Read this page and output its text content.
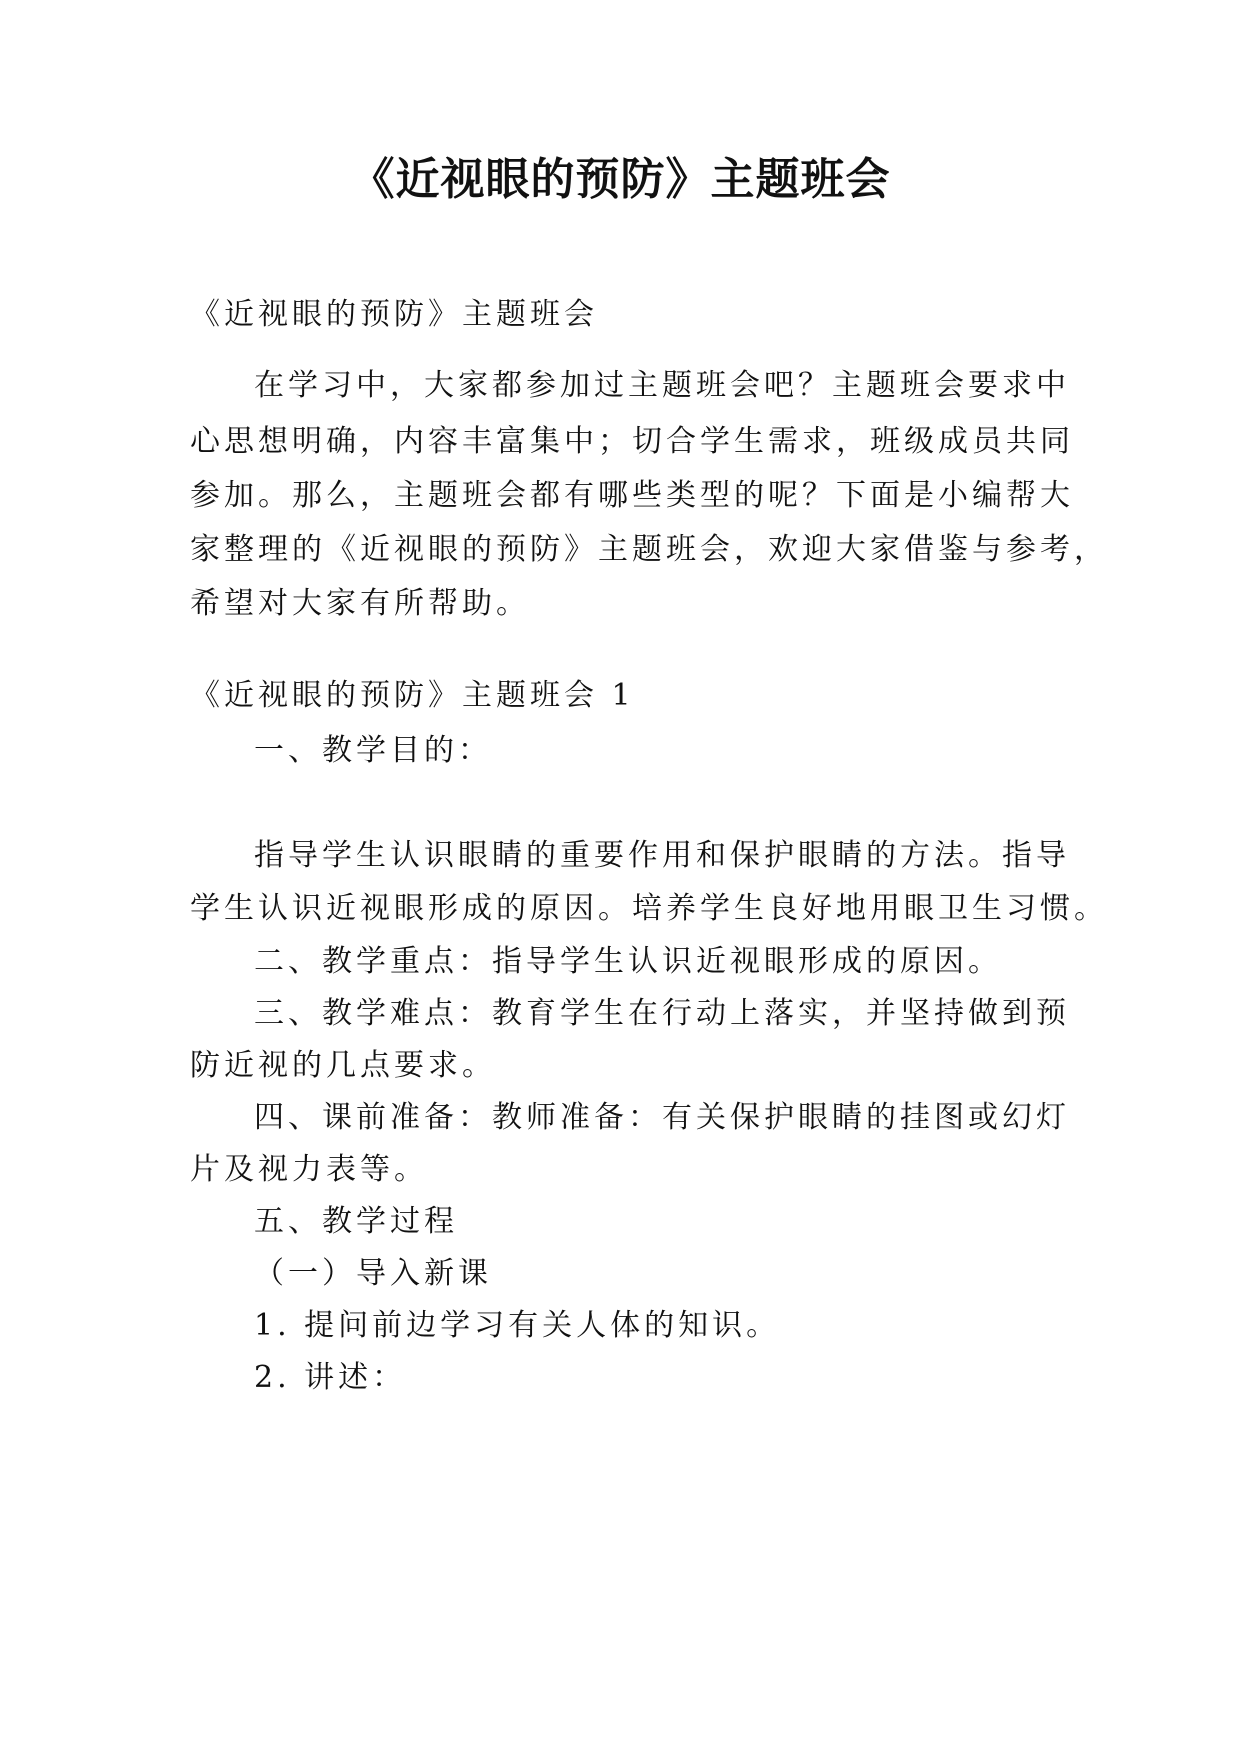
《近视眼的预防》主题班会
《近视眼的预防》主题班会
在学习中，大家都参加过主题班会吧？主题班会要求中
心思想明确，内容丰富集中；切合学生需求，班级成员共同
参加。那么，主题班会都有哪些类型的呢？下面是小编帮大
家整理的《近视眼的预防》主题班会，欢迎大家借鉴与参考，
希望对大家有所帮助。
《近视眼的预防》主题班会 1
一、教学目的：
指导学生认识眼睛的重要作用和保护眼睛的方法。指导
学生认识近视眼形成的原因。培养学生良好地用眼卫生习惯。
二、教学重点：指导学生认识近视眼形成的原因。
三、教学难点：教育学生在行动上落实，并坚持做到预
防近视的几点要求。
四、课前准备：教师准备：有关保护眼睛的挂图或幻灯
片及视力表等。
五、教学过程
（一）导入新课
1. 提问前边学习有关人体的知识。
2. 讲述：
